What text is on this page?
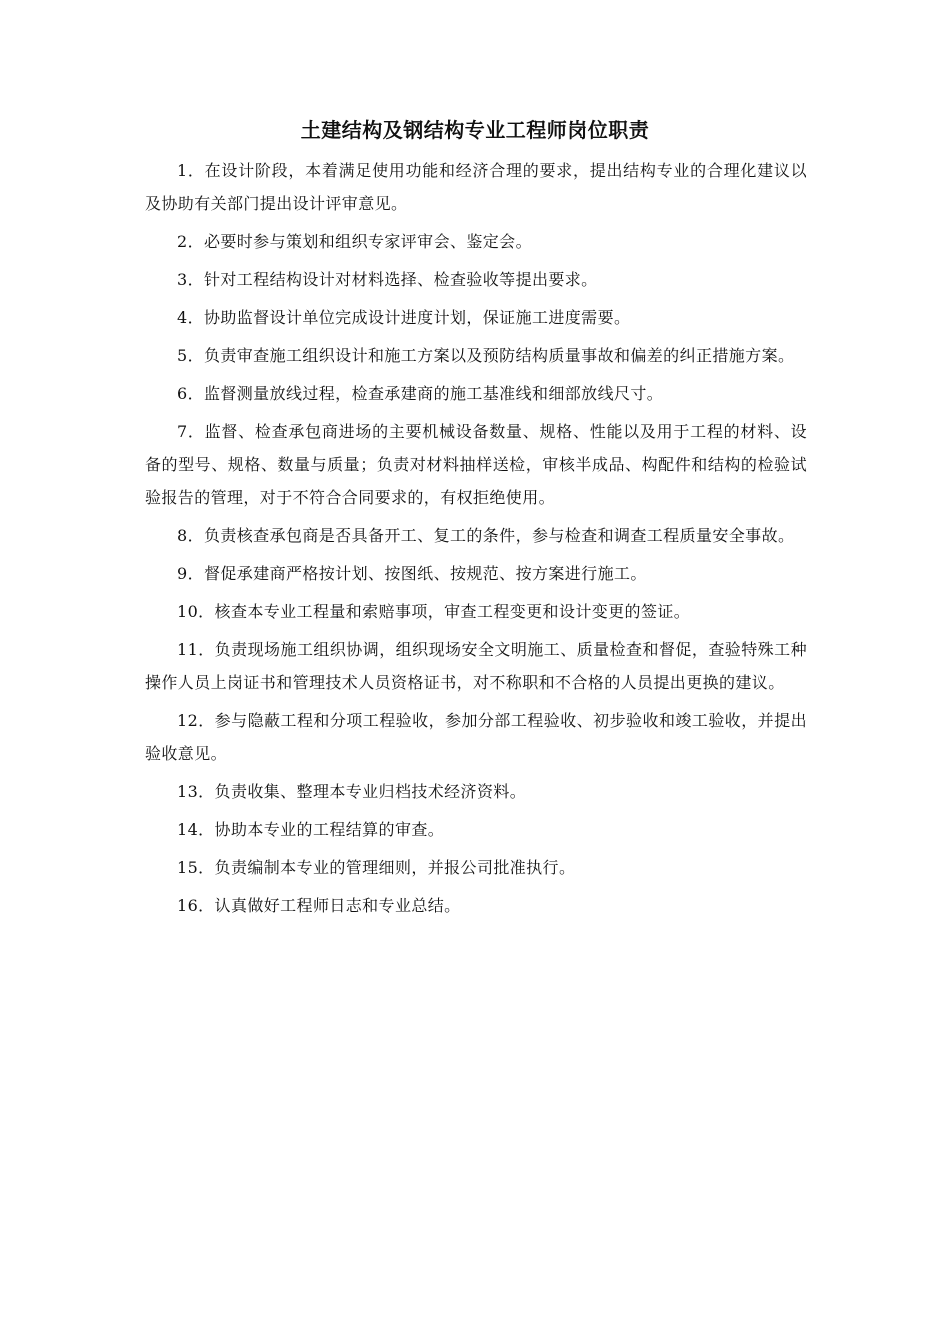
土建结构及钢结构专业工程师岗位职责

1．在设计阶段，本着满足使用功能和经济合理的要求，提出结构专业的合理化建议以及协助有关部门提出设计评审意见。

2．必要时参与策划和组织专家评审会、鉴定会。

3．针对工程结构设计对材料选择、检查验收等提出要求。

4．协助监督设计单位完成设计进度计划，保证施工进度需要。

5．负责审查施工组织设计和施工方案以及预防结构质量事故和偏差的纠正措施方案。

6．监督测量放线过程，检查承建商的施工基准线和细部放线尺寸。

7．监督、检查承包商进场的主要机械设备数量、规格、性能以及用于工程的材料、设备的型号、规格、数量与质量；负责对材料抽样送检，审核半成品、构配件和结构的检验试验报告的管理，对于不符合合同要求的，有权拒绝使用。

8．负责核查承包商是否具备开工、复工的条件，参与检查和调查工程质量安全事故。

9．督促承建商严格按计划、按图纸、按规范、按方案进行施工。

10．核查本专业工程量和索赔事项，审查工程变更和设计变更的签证。

11．负责现场施工组织协调，组织现场安全文明施工、质量检查和督促，查验特殊工种操作人员上岗证书和管理技术人员资格证书，对不称职和不合格的人员提出更换的建议。

12．参与隐蔽工程和分项工程验收，参加分部工程验收、初步验收和竣工验收，并提出验收意见。

13．负责收集、整理本专业归档技术经济资料。

14．协助本专业的工程结算的审查。

15．负责编制本专业的管理细则，并报公司批准执行。

16．认真做好工程师日志和专业总结。
